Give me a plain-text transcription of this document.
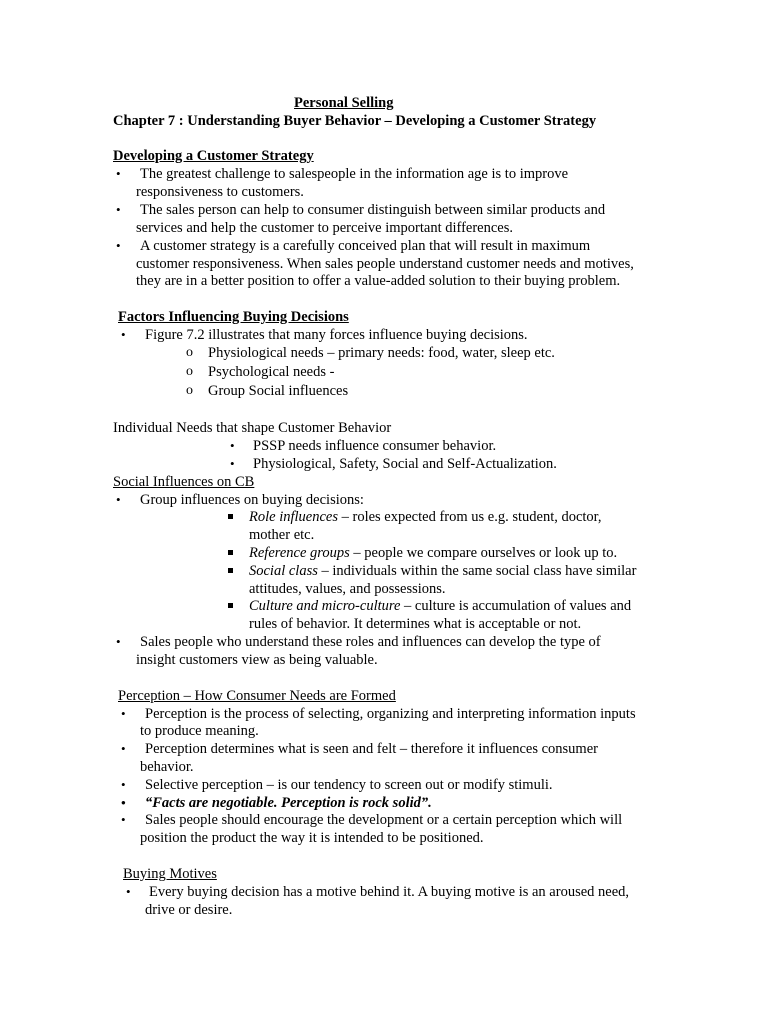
Personal Selling
Chapter 7 : Understanding Buyer Behavior – Developing a Customer Strategy
Developing a Customer Strategy
• The greatest challenge to salespeople in the information age is to improve
responsiveness to customers.
• The sales person can help to consumer distinguish between similar products and
services and help the customer to perceive important differences.
• A customer strategy is a carefully conceived plan that will result in maximum
customer responsiveness. When sales people understand customer needs and motives,
they are in a better position to offer a value-added solution to their buying problem.
Factors Influencing Buying Decisions
• Figure 7.2 illustrates that many forces influence buying decisions.
o Physiological needs – primary needs: food, water, sleep etc.
o Psychological needs -
o Group Social influences
Individual Needs that shape Customer Behavior
• PSSP needs influence consumer behavior.
• Physiological, Safety, Social and Self-Actualization.
Social Influences on CB
• Group influences on buying decisions:
Role influences – roles expected from us e.g. student, doctor,
mother etc.
Reference groups – people we compare ourselves or look up to.
Social class – individuals within the same social class have similar
attitudes, values, and possessions.
Culture and micro-culture – culture is accumulation of values and
rules of behavior. It determines what is acceptable or not.
• Sales people who understand these roles and influences can develop the type of
insight customers view as being valuable.
Perception – How Consumer Needs are Formed
• Perception is the process of selecting, organizing and interpreting information inputs
to produce meaning.
• Perception determines what is seen and felt – therefore it influences consumer
behavior.
• Selective perception – is our tendency to screen out or modify stimuli.
• “Facts are negotiable. Perception is rock solid”.
• Sales people should encourage the development or a certain perception which will
position the product the way it is intended to be positioned.
Buying Motives
• Every buying decision has a motive behind it. A buying motive is an aroused need,
drive or desire.
